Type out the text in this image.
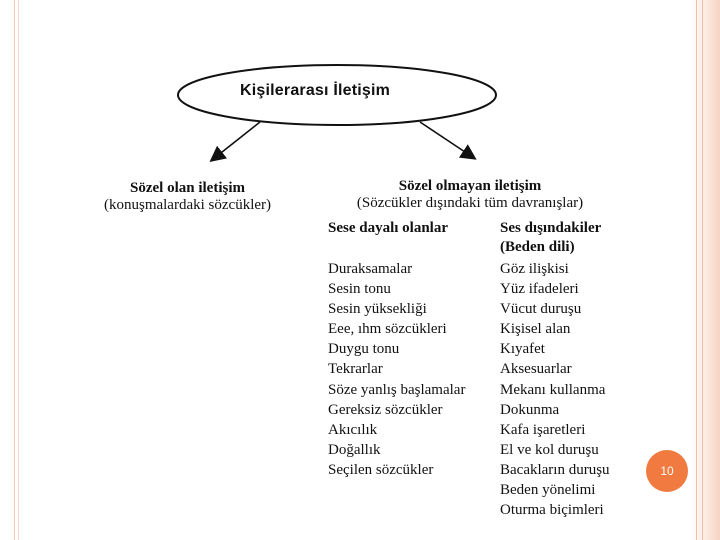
Kişilerarası İletişim
Sözel olan iletişim
(konuşmalardaki sözcükler)
Sözel olmayan iletişim
(Sözcükler dışındaki tüm davranışlar)
Sese dayalı olanlar
Duraksamalar
Sesin tonu
Sesin yüksekliği
Eee, ıhm sözcükleri
Duygu tonu
Tekrarlar
Söze yanlış başlamalar
Gereksiz sözcükler
Akıcılık
Doğallık
Seçilen sözcükler
Ses dışındakiler
(Beden dili)
Göz ilişkisi
Yüz ifadeleri
Vücut duruşu
Kişisel alan
Kıyafet
Aksesuarlar
Mekanı kullanma
Dokunma
Kafa işaretleri
El ve kol duruşu
Bacakların duruşu
Beden yönelimi
Oturma biçimleri
10
